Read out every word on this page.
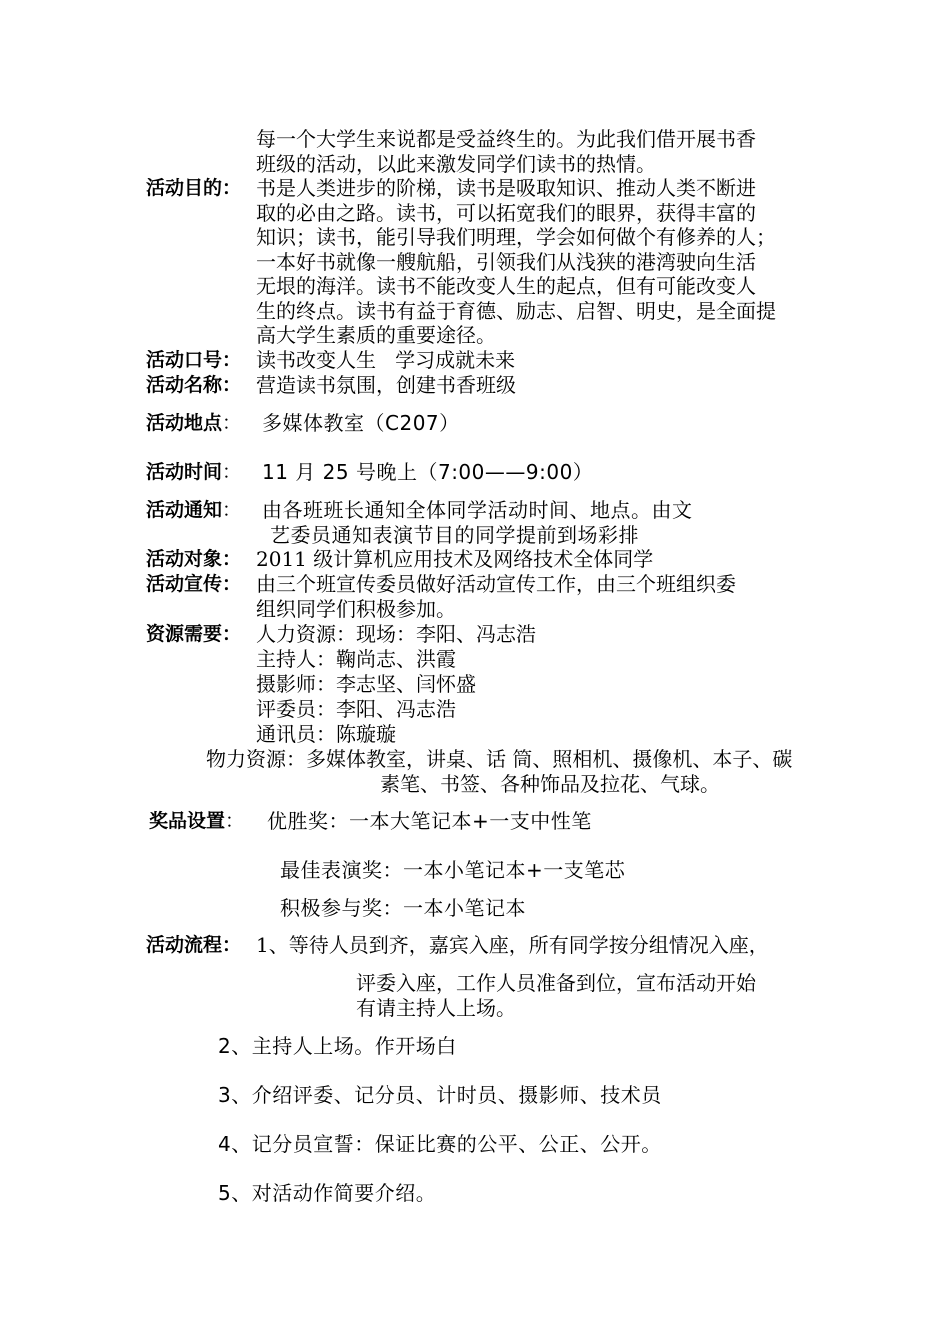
每一个大学生来说都是受益终生的。为此我们借开展书香
班级的活动，以此来激发同学们读书的热情。
活动目的： 书是人类进步的阶梯，读书是吸取知识、推动人类不断进
取的必由之路。读书，可以拓宽我们的眼界，获得丰富的
知识；读书，能引导我们明理，学会如何做个有修养的人；
一本好书就像一艘航船，引领我们从浅狭的港湾驶向生活
无垠的海洋。读书不能改变人生的起点，但有可能改变人
生的终点。读书有益于育德、励志、启智、明史，是全面提
高大学生素质的重要途径。
活动口号： 读书改变人生   学习成就未来
活动名称： 营造读书氛围，创建书香班级
活动地点： 多媒体教室（C207）
活动时间： 11 月 25 号晚上（7:00——9:00）
活动通知： 由各班班长通知全体同学活动时间、地点。由文
艺委员通知表演节目的同学提前到场彩排
活动对象： 2011 级计算机应用技术及网络技术全体同学
活动宣传： 由三个班宣传委员做好活动宣传工作，由三个班组织委
组织同学们积极参加。
资源需要： 人力资源：现场：李阳、冯志浩
主持人：鞠尚志、洪霞
摄影师：李志坚、闫怀盛
评委员：李阳、冯志浩
通讯员：陈璇璇
物力资源：多媒体教室，讲桌、话 筒、照相机、摄像机、本子、碳
素笔、书签、各种饰品及拉花、气球。
奖品设置： 优胜奖：一本大笔记本+一支中性笔
最佳表演奖：一本小笔记本+一支笔芯
积极参与奖：一本小笔记本
活动流程： 1、等待人员到齐，嘉宾入座，所有同学按分组情况入座，
评委入座，工作人员准备到位，宣布活动开始
有请主持人上场。
2、主持人上场。作开场白
3、介绍评委、记分员、计时员、摄影师、技术员
4、记分员宣誓：保证比赛的公平、公正、公开。
5、对活动作简要介绍。
